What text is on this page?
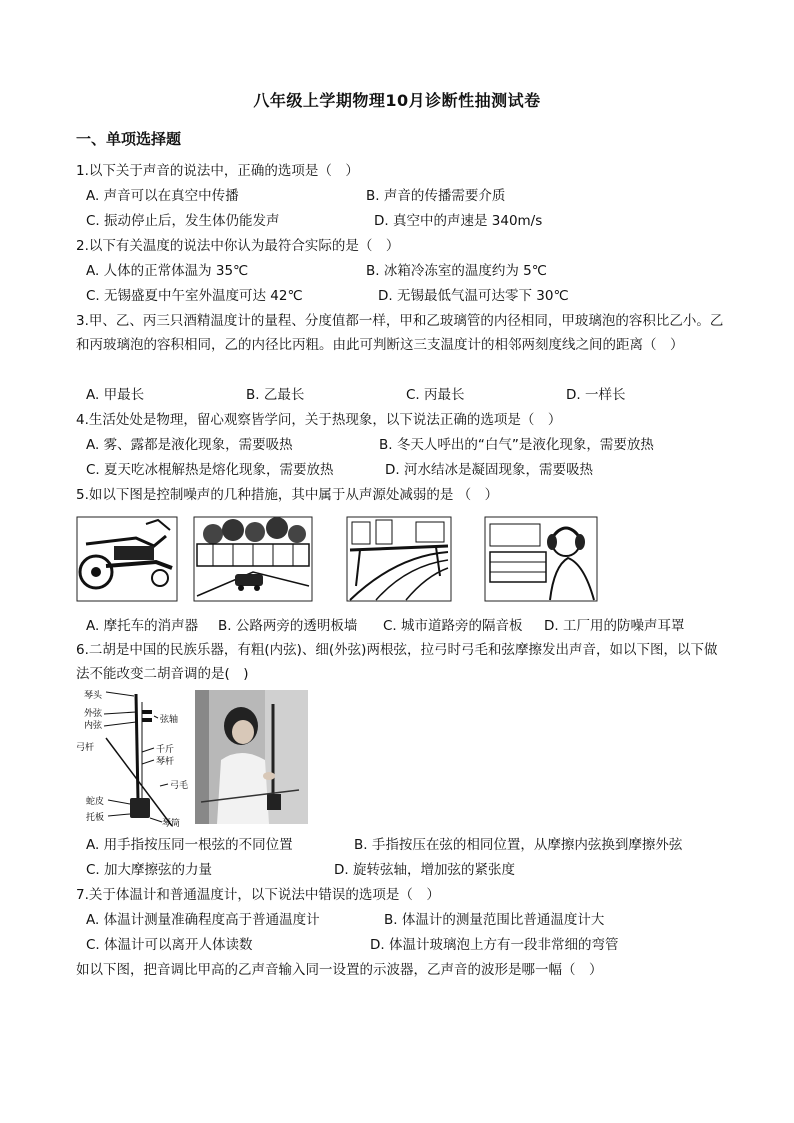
八年级上学期物理10月诊断性抽测试卷
一、单项选择题
1.以下关于声音的说法中，正确的选项是（　）
A. 声音可以在真空中传播	B. 声音的传播需要介质
C. 振动停止后，发生体仍能发声	D. 真空中的声速是 340m/s
2.以下有关温度的说法中你认为最符合实际的是（　）
A. 人体的正常体温为 35℃	B. 冰箱冷冻室的温度约为 5℃
C. 无锡盛夏中午室外温度可达 42℃	D. 无锡最低气温可达零下 30℃
3.甲、乙、丙三只酒精温度计的量程、分度值都一样，甲和乙玻璃管的内径相同，甲玻璃泡的容积比乙小。乙和丙玻璃泡的容积相同，乙的内径比丙粗。由此可判断这三支温度计的相邻两刻度线之间的距离（　）
A. 甲最长	B. 乙最长	C. 丙最长	D. 一样长
4.生活处处是物理，留心观察皆学问，关于热现象，以下说法正确的选项是（　）
A. 雾、露都是液化现象，需要吸热	B. 冬天人呼出的“白气”是液化现象，需要放热
C. 夏天吃冰棍解热是熔化现象，需要放热	D. 河水结冰是凝固现象，需要吸热
5.如以下图是控制噪声的几种措施，其中属于从声源处减弱的是 （　）
A. 摩托车的消声器 B. 公路两旁的透明板墙 C. 城市道路旁的隔音板 D. 工厂用的防噪声耳罩
6.二胡是中国的民族乐器，有粗(内弦)、细(外弦)两根弦，拉弓时弓毛和弦摩擦发出声音，如以下图，以下做法不能改变二胡音调的是(　)
琴头
外弦
内弦
弦轴
弓杆	千斤
琴杆
弓毛
蛇皮
托板
琴筒
A. 用手指按压同一根弦的不同位置	B. 手指按压在弦的相同位置，从摩擦内弦换到摩擦外弦
C. 加大摩擦弦的力量	D. 旋转弦轴，增加弦的紧张度
7.关于体温计和普通温度计，以下说法中错误的选项是（　）
A. 体温计测量准确程度高于普通温度计	B. 体温计的测量范围比普通温度计大
C. 体温计可以离开人体读数	D. 体温计玻璃泡上方有一段非常细的弯管
如以下图，把音调比甲高的乙声音输入同一设置的示波器，乙声音的波形是哪一幅（　）
